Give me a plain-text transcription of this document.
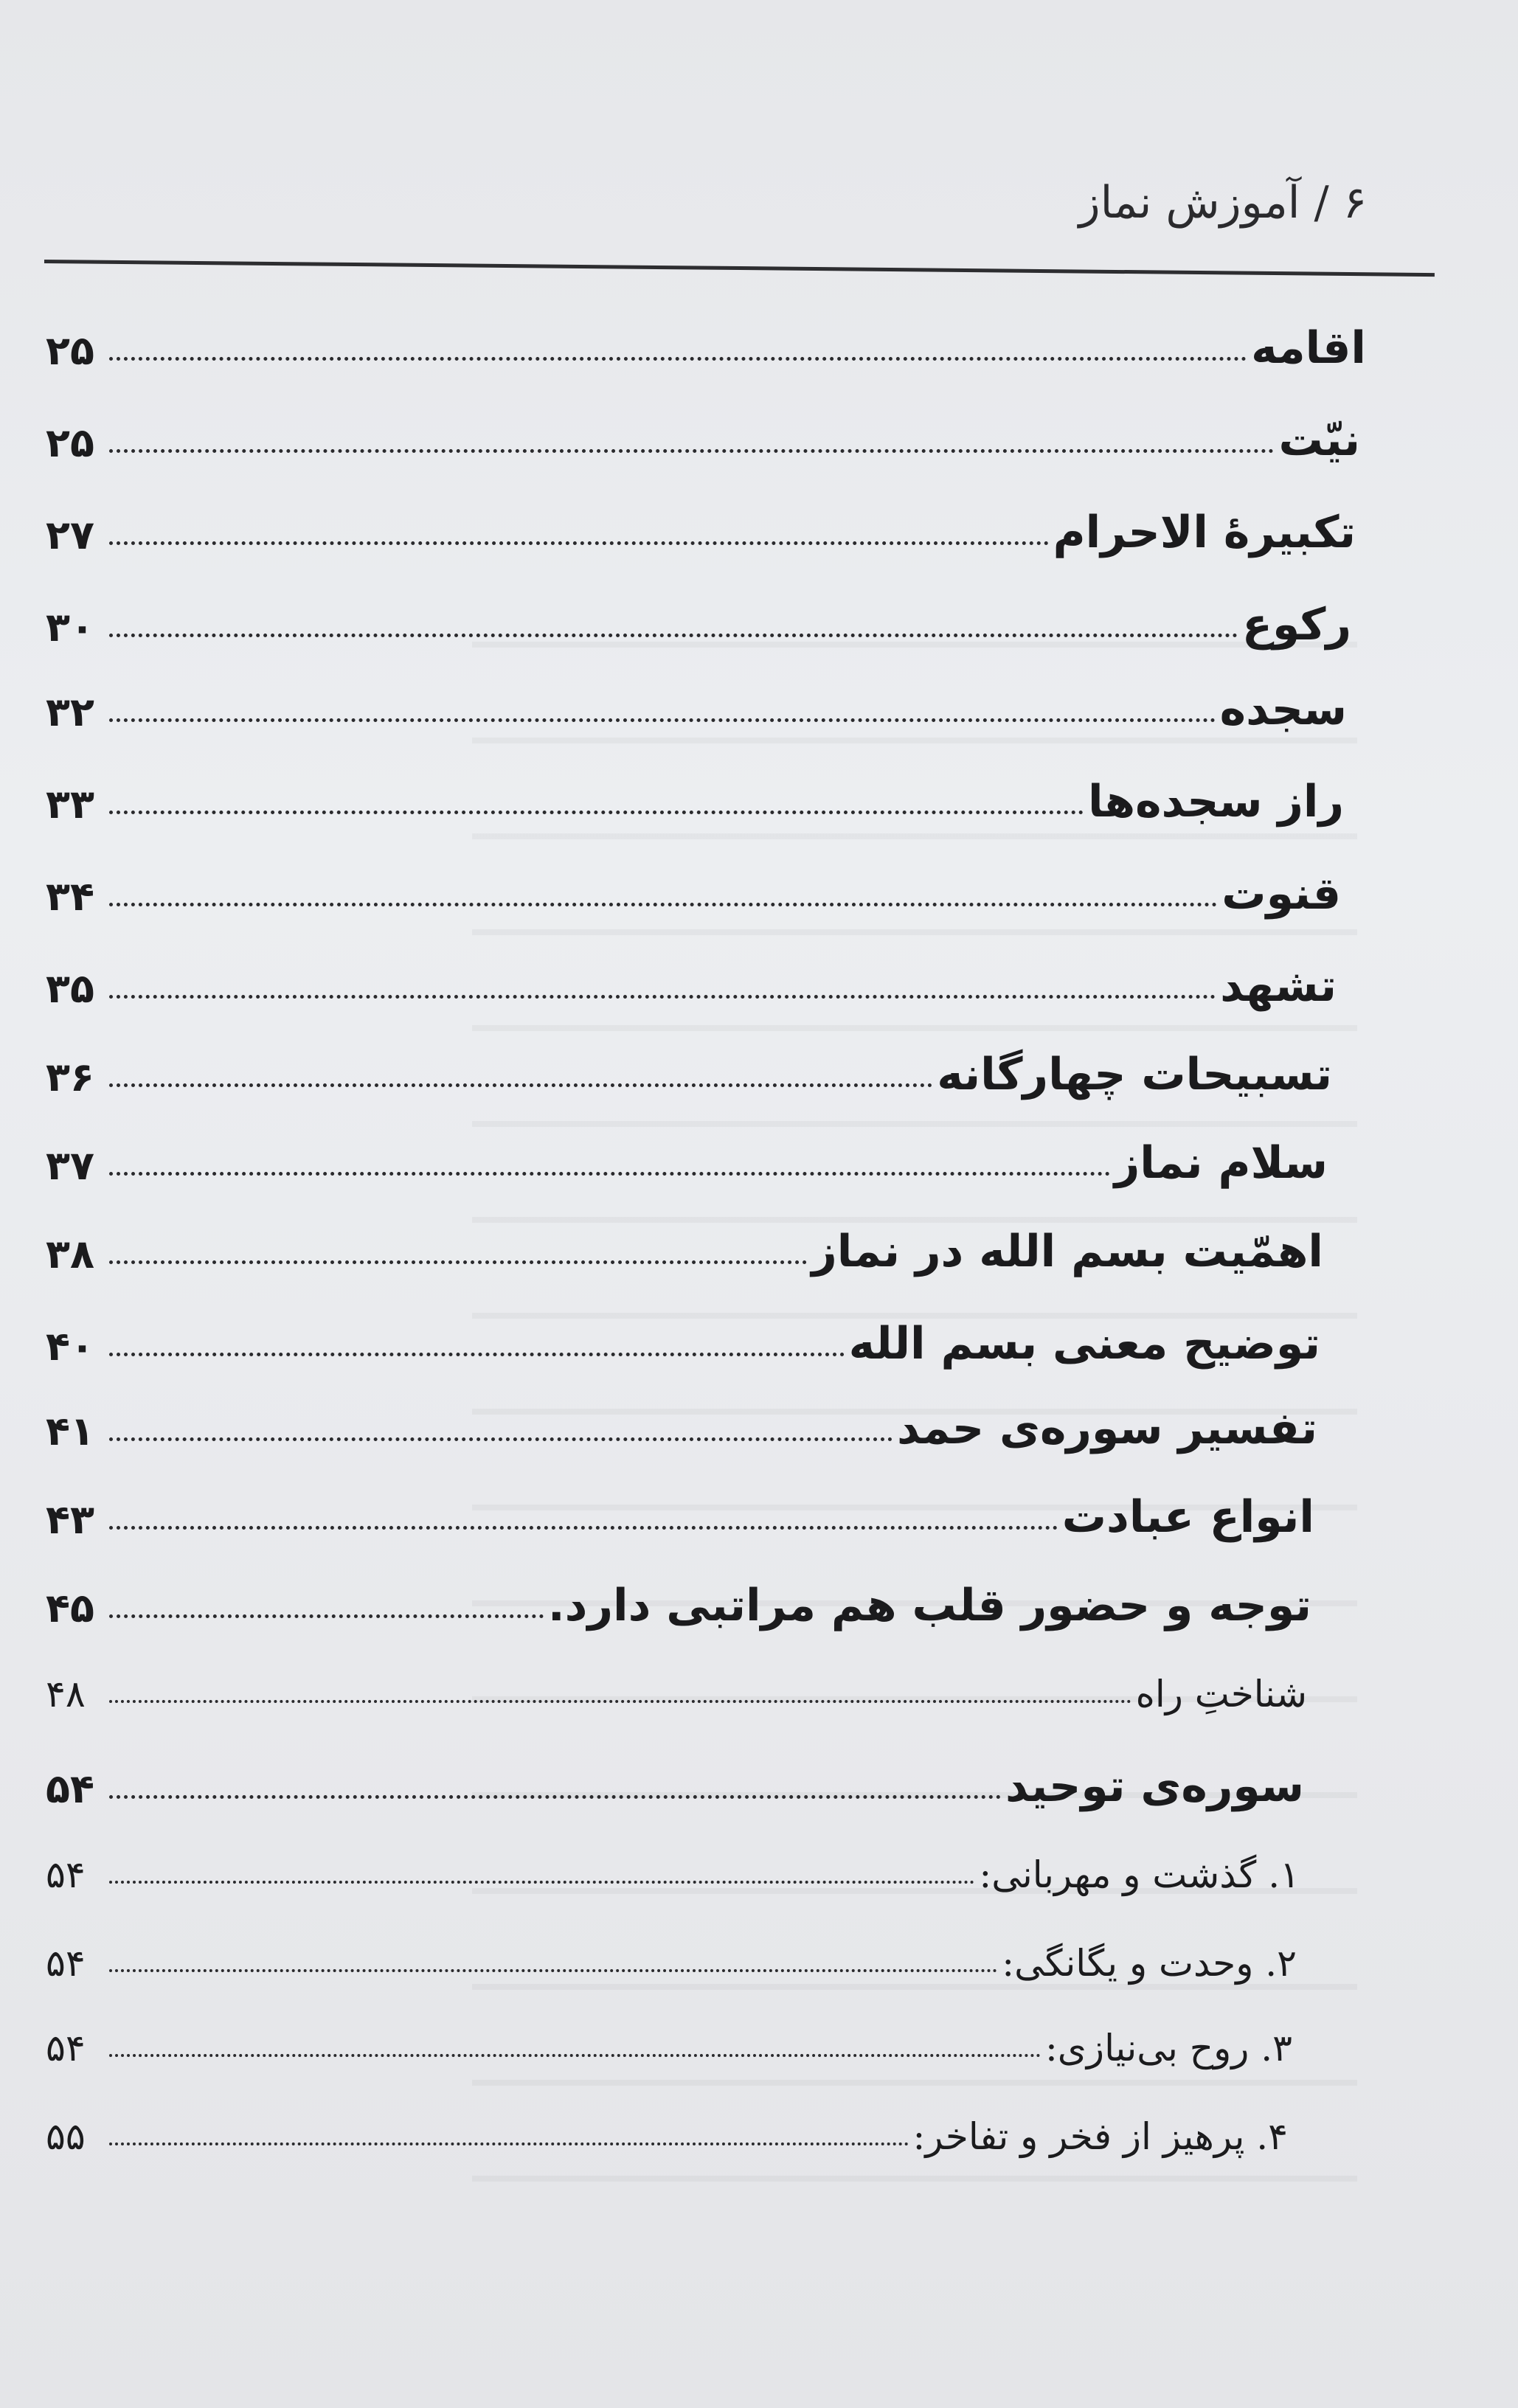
۶ / آموزش نماز
اقامه
۲۵
نیّت
۲۵
تکبیرهٔ الاحرام
۲۷
رکوع
۳۰
سجده
۳۲
راز سجده‌ها
۳۳
قنوت
۳۴
تشهد
۳۵
تسبیحات چهارگانه
۳۶
سلام نماز
۳۷
اهمّیت بسم الله در نماز
۳۸
توضیح معنی بسم الله
۴۰
تفسیر سوره‌ی حمد
۴۱
انواع عبادت
۴۳
توجه و حضور قلب هم مراتبی دارد.
۴۵
شناختِ راه
۴۸
سوره‌ی توحید
۵۴
۱. گذشت و مهربانی:
۵۴
۲. وحدت و یگانگی:
۵۴
۳. روح بی‌نیازی:
۵۴
۴. پرهیز از فخر و تفاخر:
۵۵
